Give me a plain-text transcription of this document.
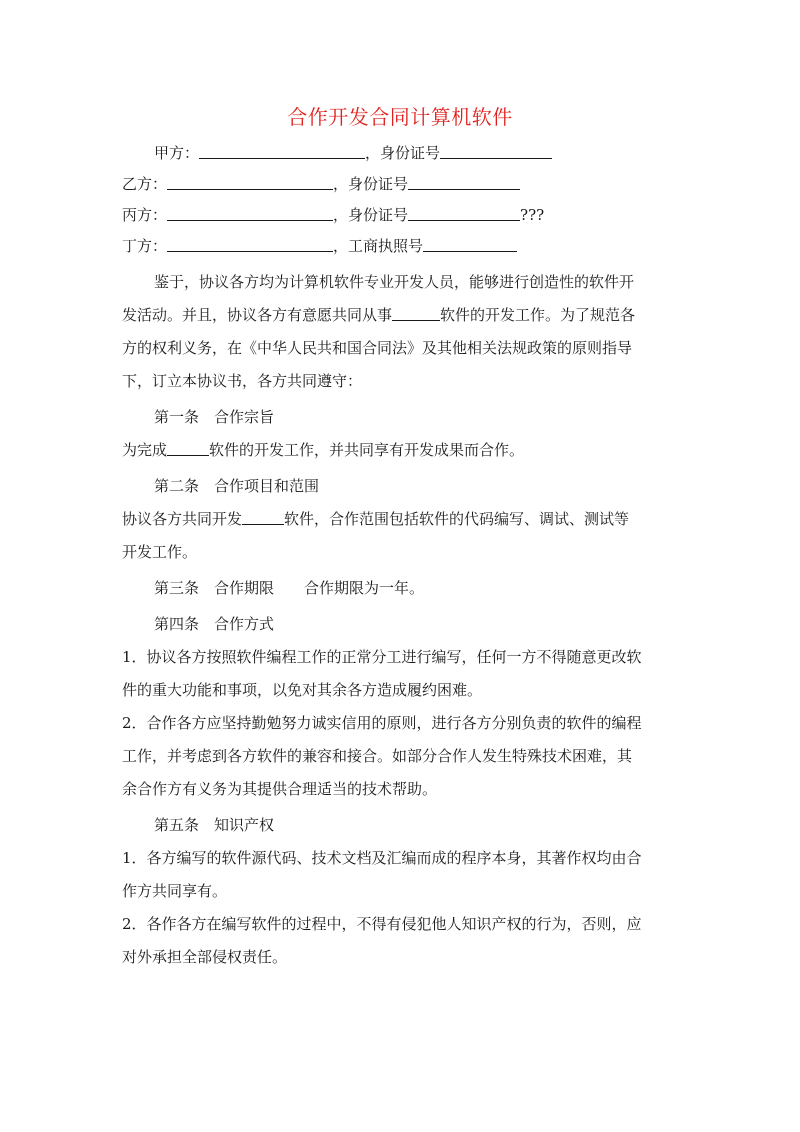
合作开发合同计算机软件
甲方：	，身份证号
乙方：	，身份证号
丙方：	，身份证号	???
丁方：	，工商执照号
鉴于，协议各方均为计算机软件专业开发人员，能够进行创造性的软件开
发活动。并且，协议各方有意愿共同从事	软件的开发工作。为了规范各
方的权利义务，在《中华人民共和国合同法》及其他相关法规政策的原则指导
下，订立本协议书，各方共同遵守：
第一条　合作宗旨
为完成	软件的开发工作，并共同享有开发成果而合作。
第二条　合作项目和范围
协议各方共同开发	软件，合作范围包括软件的代码编写、调试、测试等
开发工作。
第三条　合作期限 合作期限为一年。
第四条　合作方式
1．协议各方按照软件编程工作的正常分工进行编写，任何一方不得随意更改软
件的重大功能和事项，以免对其余各方造成履约困难。
2．合作各方应坚持勤勉努力诚实信用的原则，进行各方分别负责的软件的编程
工作，并考虑到各方软件的兼容和接合。如部分合作人发生特殊技术困难，其
余合作方有义务为其提供合理适当的技术帮助。
第五条　知识产权
1．各方编写的软件源代码、技术文档及汇编而成的程序本身，其著作权均由合
作方共同享有。
2．各作各方在编写软件的过程中，不得有侵犯他人知识产权的行为，否则，应
对外承担全部侵权责任。
